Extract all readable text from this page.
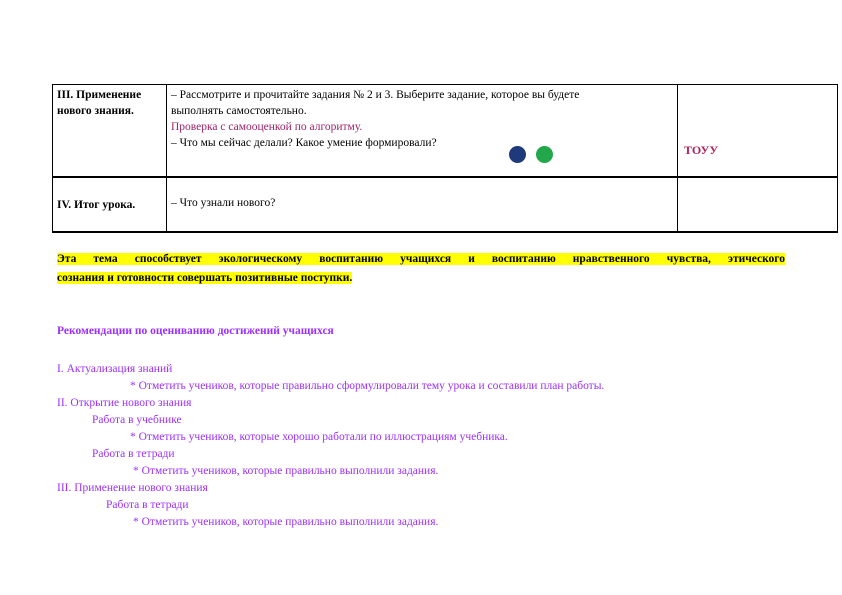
III. Применение
нового знания.
– Рассмотрите и прочитайте задания № 2 и 3. Выберите задание, которое вы будете
выполнять самостоятельно.
Проверка с самооценкой по алгоритму.
– Что мы сейчас делали? Какое умение формировали?	ТОУУ
IV. Итог урока.	– Что узнали нового?
Эта тема способствует экологическому воспитанию учащихся и воспитанию нравственного чувства, этического
сознания и готовности совершать позитивные поступки.
Рекомендации по оцениванию достижений учащихся
I. Актуализация знаний
* Отметить учеников, которые правильно сформулировали тему урока и составили план работы.
II. Открытие нового знания
Работа в учебнике
* Отметить учеников, которые хорошо работали по иллюстрациям учебника.
Работа в тетради
* Отметить учеников, которые правильно выполнили задания.
III. Применение нового знания
Работа в тетради
* Отметить учеников, которые правильно выполнили задания.
